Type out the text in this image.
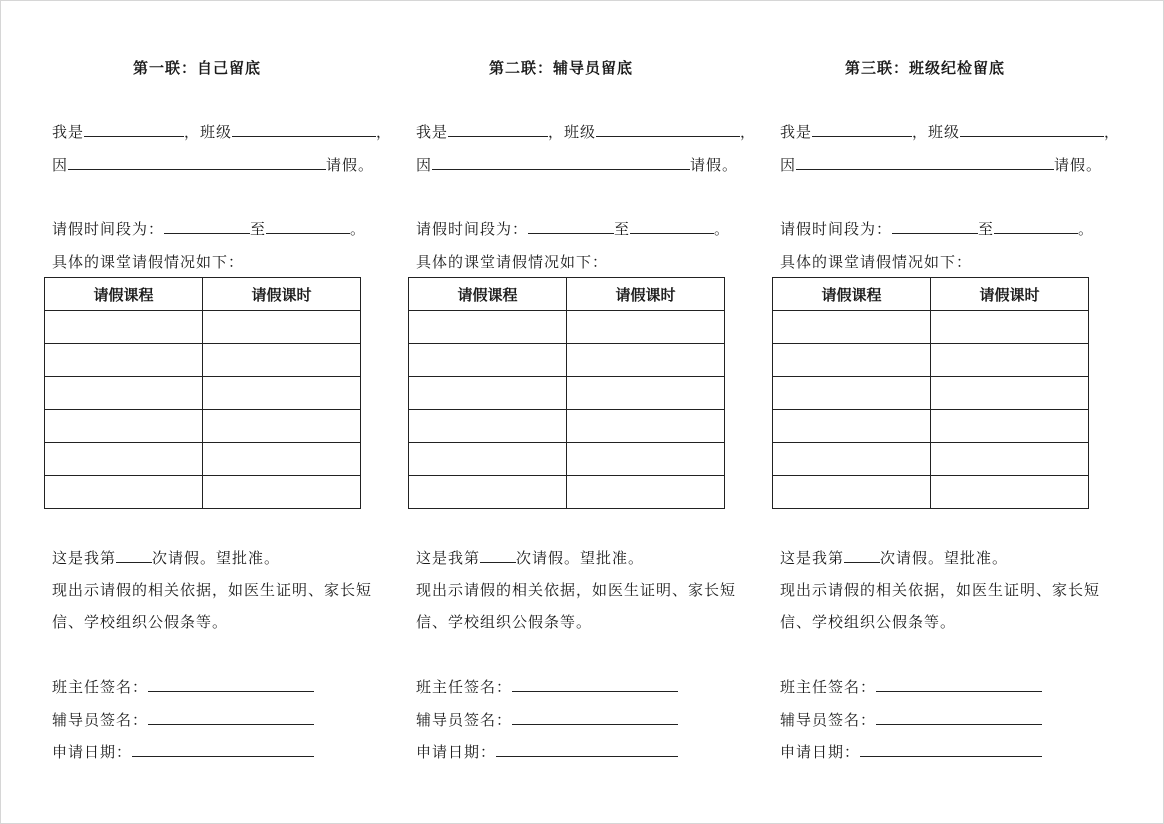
第一联：自己留底
我是	，班级	，
因	请假。
请假时间段为：	至	。
具体的课堂请假情况如下：
请假课程	请假课时

这是我第 次请假。望批准。
现出示请假的相关依据，如医生证明、家长短
信、学校组织公假条等。
班主任签名：
辅导员签名：
申请日期：
第二联：辅导员留底
我是	，班级	，
因	请假。
请假时间段为：	至	。
具体的课堂请假情况如下：
请假课程	请假课时

这是我第 次请假。望批准。
现出示请假的相关依据，如医生证明、家长短
信、学校组织公假条等。
班主任签名：
辅导员签名：
申请日期：
第三联：班级纪检留底
我是	，班级	，
因	请假。
请假时间段为：	至	。
具体的课堂请假情况如下：
请假课程	请假课时

这是我第 次请假。望批准。
现出示请假的相关依据，如医生证明、家长短
信、学校组织公假条等。
班主任签名：
辅导员签名：
申请日期：
